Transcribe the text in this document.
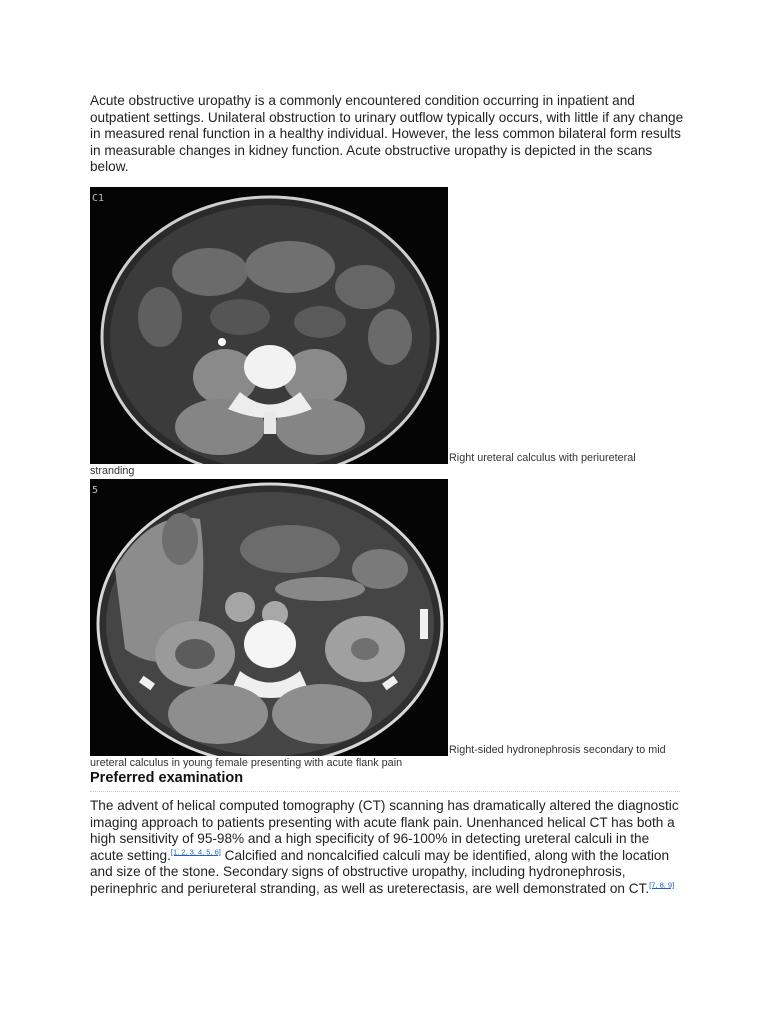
Acute obstructive uropathy is a commonly encountered condition occurring in inpatient and outpatient settings. Unilateral obstruction to urinary outflow typically occurs, with little if any change in measured renal function in a healthy individual. However, the less common bilateral form results in measurable changes in kidney function. Acute obstructive uropathy is depicted in the scans below.

C1
Right ureteral calculus with periureteral
stranding
5
Right-sided hydronephrosis secondary to mid
ureteral calculus in young female presenting with acute flank pain
Preferred examination

The advent of helical computed tomography (CT) scanning has dramatically altered the diagnostic imaging approach to patients presenting with acute flank pain. Unenhanced helical CT has both a high sensitivity of 95-98% and a high specificity of 96-100% in detecting ureteral calculi in the acute setting.[1, 2, 3, 4, 5, 6] Calcified and noncalcified calculi may be identified, along with the location and size of the stone. Secondary signs of obstructive uropathy, including hydronephrosis, perinephric and periureteral stranding, as well as ureterectasis, are well demonstrated on CT.[7, 8, 9]
